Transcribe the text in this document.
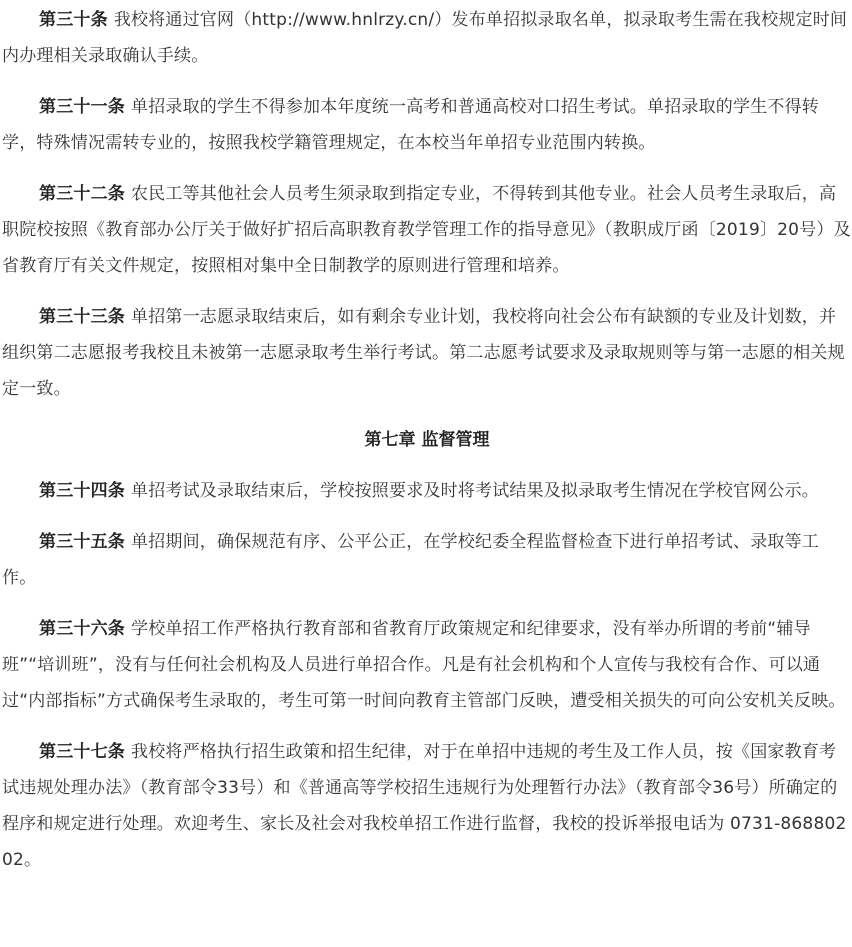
第三十条 我校将通过官网（http://www.hnlrzy.cn/）发布单招拟录取名单，拟录取考生需在我校规定时间内办理相关录取确认手续。

第三十一条 单招录取的学生不得参加本年度统一高考和普通高校对口招生考试。单招录取的学生不得转学，特殊情况需转专业的，按照我校学籍管理规定，在本校当年单招专业范围内转换。

第三十二条 农民工等其他社会人员考生须录取到指定专业，不得转到其他专业。社会人员考生录取后，高职院校按照《教育部办公厅关于做好扩招后高职教育教学管理工作的指导意见》（教职成厅函〔2019〕20号）及省教育厅有关文件规定，按照相对集中全日制教学的原则进行管理和培养。

第三十三条 单招第一志愿录取结束后，如有剩余专业计划，我校将向社会公布有缺额的专业及计划数，并组织第二志愿报考我校且未被第一志愿录取考生举行考试。第二志愿考试要求及录取规则等与第一志愿的相关规定一致。

第七章 监督管理

第三十四条 单招考试及录取结束后，学校按照要求及时将考试结果及拟录取考生情况在学校官网公示。

第三十五条 单招期间，确保规范有序、公平公正，在学校纪委全程监督检查下进行单招考试、录取等工作。

第三十六条 学校单招工作严格执行教育部和省教育厅政策规定和纪律要求，没有举办所谓的考前“辅导班”“培训班”，没有与任何社会机构及人员进行单招合作。凡是有社会机构和个人宣传与我校有合作、可以通过“内部指标”方式确保考生录取的，考生可第一时间向教育主管部门反映，遭受相关损失的可向公安机关反映。

第三十七条 我校将严格执行招生政策和招生纪律，对于在单招中违规的考生及工作人员，按《国家教育考试违规处理办法》（教育部令33号）和《普通高等学校招生违规行为处理暂行办法》（教育部令36号）所确定的程序和规定进行处理。欢迎考生、家长及社会对我校单招工作进行监督，我校的投诉举报电话为 0731-86880202。
